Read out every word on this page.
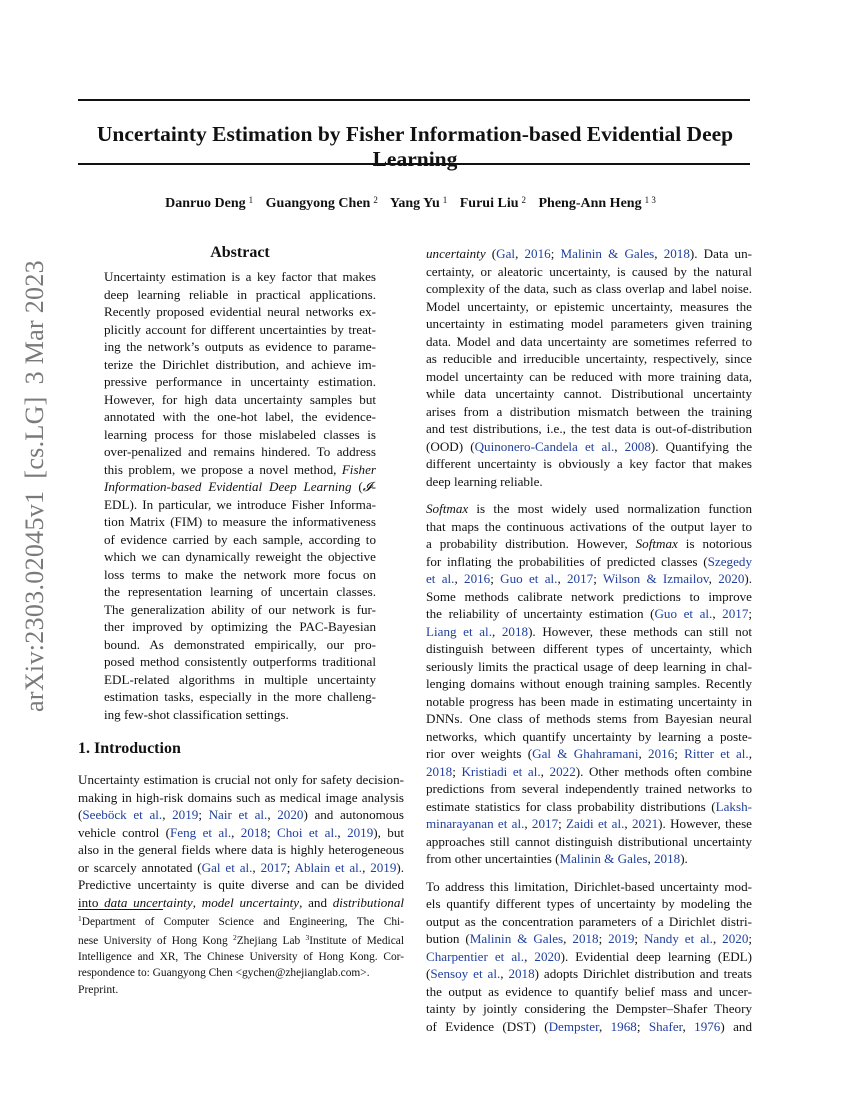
arXiv:2303.02045v1[cs.LG]3 Mar 2023
Uncertainty Estimation by Fisher Information-based Evidential Deep Learning
Danruo Deng $^1$ Guangyong Chen $^2$ Yang Yu $^1$ Furui Liu $^2$ Pheng-Ann Heng $^{1 3}$
Abstract
Uncertainty estimation is a key factor that makes
deep learning reliable in practical applications.
Recently proposed evidential neural networks ex-
plicitly account for different uncertainties by treat-
ing the network’s outputs as evidence to parame-
terize the Dirichlet distribution, and achieve im-
pressive performance in uncertainty estimation.
However, for high data uncertainty samples but
annotated with the one-hot label, the evidence-
learning process for those mislabeled classes is
over-penalized and remains hindered. To address
this problem, we propose a novel method, Fisher
Information-based Evidential Deep Learning (𝓘-
EDL). In particular, we introduce Fisher Informa-
tion Matrix (FIM) to measure the informativeness
of evidence carried by each sample, according to
which we can dynamically reweight the objective
loss terms to make the network more focus on
the representation learning of uncertain classes.
The generalization ability of our network is fur-
ther improved by optimizing the PAC-Bayesian
bound. As demonstrated empirically, our pro-
posed method consistently outperforms traditional
EDL-related algorithms in multiple uncertainty
estimation tasks, especially in the more challeng-
ing few-shot classification settings.
1. Introduction
Uncertainty estimation is crucial not only for safety decision-
making in high-risk domains such as medical image analysis
(Seeböck et al., 2019; Nair et al., 2020) and autonomous
vehicle control (Feng et al., 2018; Choi et al., 2019), but
also in the general fields where data is highly heterogeneous
or scarcely annotated (Gal et al., 2017; Ablain et al., 2019).
Predictive uncertainty is quite diverse and can be divided
into data uncertainty, model uncertainty, and distributional
$^1$Department of Computer Science and Engineering, The Chi-
nese University of Hong Kong $^2$Zhejiang Lab $^3$Institute of Medical
Intelligence and XR, The Chinese University of Hong Kong. Cor-
respondence to: Guangyong Chen <gychen@zhejianglab.com>.
Preprint.
uncertainty (Gal, 2016; Malinin & Gales, 2018). Data un-
certainty, or aleatoric uncertainty, is caused by the natural
complexity of the data, such as class overlap and label noise.
Model uncertainty, or epistemic uncertainty, measures the
uncertainty in estimating model parameters given training
data. Model and data uncertainty are sometimes referred to
as reducible and irreducible uncertainty, respectively, since
model uncertainty can be reduced with more training data,
while data uncertainty cannot. Distributional uncertainty
arises from a distribution mismatch between the training
and test distributions, i.e., the test data is out-of-distribution
(OOD) (Quinonero-Candela et al., 2008). Quantifying the
different uncertainty is obviously a key factor that makes
deep learning reliable.
Softmax is the most widely used normalization function
that maps the continuous activations of the output layer to
a probability distribution. However, Softmax is notorious
for inflating the probabilities of predicted classes (Szegedy
et al., 2016; Guo et al., 2017; Wilson & Izmailov, 2020).
Some methods calibrate network predictions to improve
the reliability of uncertainty estimation (Guo et al., 2017;
Liang et al., 2018). However, these methods can still not
distinguish between different types of uncertainty, which
seriously limits the practical usage of deep learning in chal-
lenging domains without enough training samples. Recently
notable progress has been made in estimating uncertainty in
DNNs. One class of methods stems from Bayesian neural
networks, which quantify uncertainty by learning a poste-
rior over weights (Gal & Ghahramani, 2016; Ritter et al.,
2018; Kristiadi et al., 2022). Other methods often combine
predictions from several independently trained networks to
estimate statistics for class probability distributions (Laksh-
minarayanan et al., 2017; Zaidi et al., 2021). However, these
approaches still cannot distinguish distributional uncertainty
from other uncertainties (Malinin & Gales, 2018).
To address this limitation, Dirichlet-based uncertainty mod-
els quantify different types of uncertainty by modeling the
output as the concentration parameters of a Dirichlet distri-
bution (Malinin & Gales, 2018; 2019; Nandy et al., 2020;
Charpentier et al., 2020). Evidential deep learning (EDL)
(Sensoy et al., 2018) adopts Dirichlet distribution and treats
the output as evidence to quantify belief mass and uncer-
tainty by jointly considering the Dempster–Shafer Theory
of Evidence (DST) (Dempster, 1968; Shafer, 1976) and
